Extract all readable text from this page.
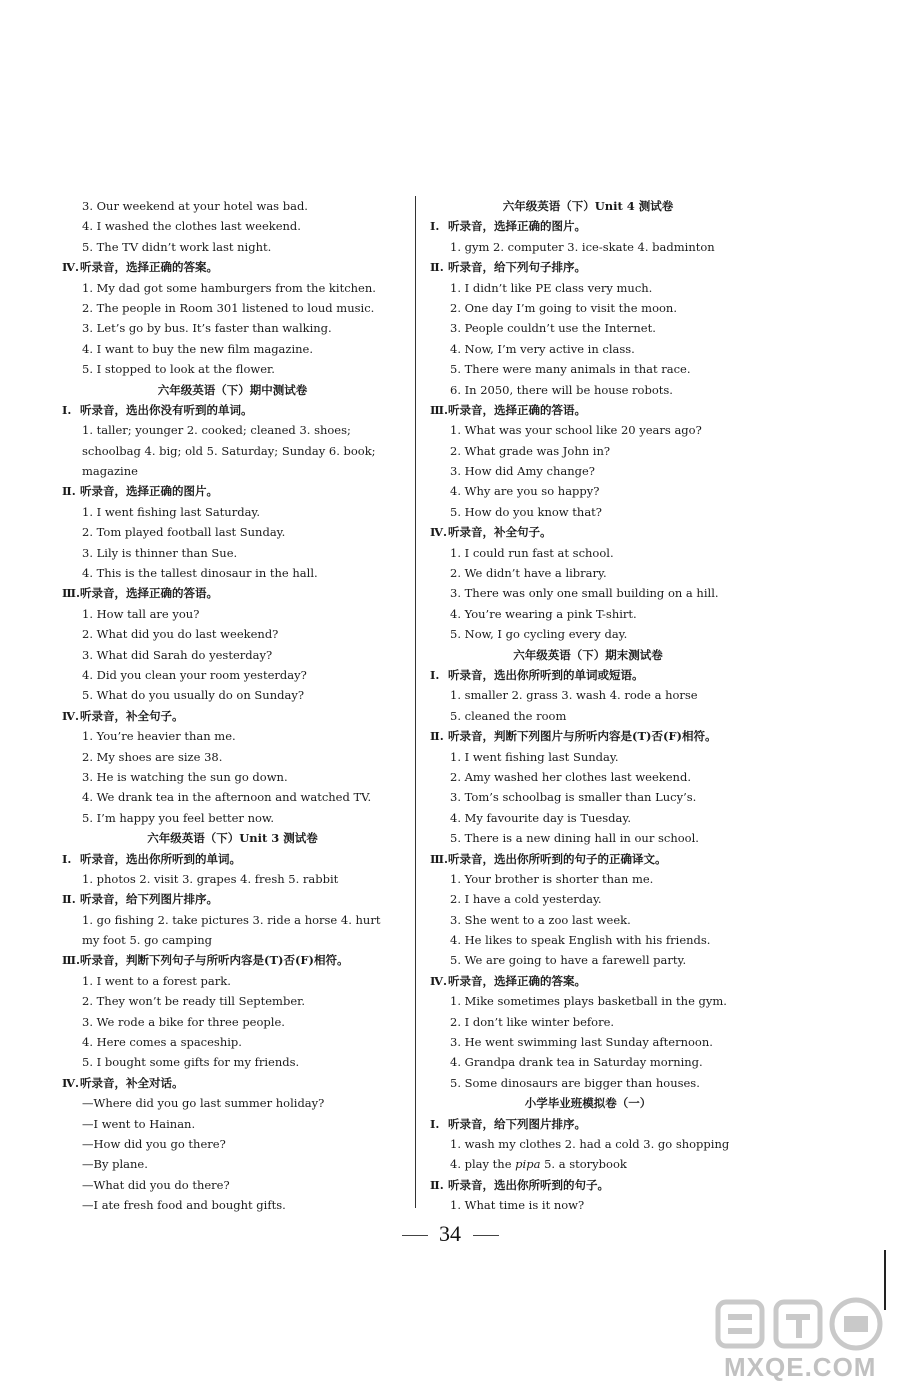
3. Our weekend at your hotel was bad.
4. I washed the clothes last weekend.
5. The TV didn’t work last night.
Ⅳ.听录音，选择正确的答案。
1. My dad got some hamburgers from the kitchen.
2. The people in Room 301 listened to loud music.
3. Let’s go by bus. It’s faster than walking.
4. I want to buy the new film magazine.
5. I stopped to look at the flower.
六年级英语（下）期中测试卷
Ⅰ. 听录音，选出你没有听到的单词。
1. taller; younger 2. cooked; cleaned 3. shoes;
schoolbag 4. big; old 5. Saturday; Sunday 6. book;
magazine
Ⅱ. 听录音，选择正确的图片。
1. I went fishing last Saturday.
2. Tom played football last Sunday.
3. Lily is thinner than Sue.
4. This is the tallest dinosaur in the hall.
Ⅲ.听录音，选择正确的答语。
1. How tall are you?
2. What did you do last weekend?
3. What did Sarah do yesterday?
4. Did you clean your room yesterday?
5. What do you usually do on Sunday?
Ⅳ.听录音，补全句子。
1. You’re heavier than me.
2. My shoes are size 38.
3. He is watching the sun go down.
4. We drank tea in the afternoon and watched TV.
5. I’m happy you feel better now.
六年级英语（下）Unit 3 测试卷
Ⅰ. 听录音，选出你所听到的单词。
1. photos 2. visit 3. grapes 4. fresh 5. rabbit
Ⅱ. 听录音，给下列图片排序。
1. go fishing 2. take pictures 3. ride a horse 4. hurt
my foot 5. go camping
Ⅲ.听录音，判断下列句子与所听内容是(T)否(F)相符。
1. I went to a forest park.
2. They won’t be ready till September.
3. We rode a bike for three people.
4. Here comes a spaceship.
5. I bought some gifts for my friends.
Ⅳ.听录音，补全对话。
—Where did you go last summer holiday?
—I went to Hainan.
—How did you go there?
—By plane.
—What did you do there?
—I ate fresh food and bought gifts.
六年级英语（下）Unit 4 测试卷
Ⅰ. 听录音，选择正确的图片。
1. gym 2. computer 3. ice-skate 4. badminton
Ⅱ. 听录音，给下列句子排序。
1. I didn’t like PE class very much.
2. One day I’m going to visit the moon.
3. People couldn’t use the Internet.
4. Now, I’m very active in class.
5. There were many animals in that race.
6. In 2050, there will be house robots.
Ⅲ.听录音，选择正确的答语。
1. What was your school like 20 years ago?
2. What grade was John in?
3. How did Amy change?
4. Why are you so happy?
5. How do you know that?
Ⅳ.听录音，补全句子。
1. I could run fast at school.
2. We didn’t have a library.
3. There was only one small building on a hill.
4. You’re wearing a pink T-shirt.
5. Now, I go cycling every day.
六年级英语（下）期末测试卷
Ⅰ. 听录音，选出你所听到的单词或短语。
1. smaller 2. grass 3. wash 4. rode a horse
5. cleaned the room
Ⅱ. 听录音，判断下列图片与所听内容是(T)否(F)相符。
1. I went fishing last Sunday.
2. Amy washed her clothes last weekend.
3. Tom’s schoolbag is smaller than Lucy’s.
4. My favourite day is Tuesday.
5. There is a new dining hall in our school.
Ⅲ.听录音，选出你所听到的句子的正确译文。
1. Your brother is shorter than me.
2. I have a cold yesterday.
3. She went to a zoo last week.
4. He likes to speak English with his friends.
5. We are going to have a farewell party.
Ⅳ.听录音，选择正确的答案。
1. Mike sometimes plays basketball in the gym.
2. I don’t like winter before.
3. He went swimming last Sunday afternoon.
4. Grandpa drank tea in Saturday morning.
5. Some dinosaurs are bigger than houses.
小学毕业班模拟卷（一）
Ⅰ. 听录音，给下列图片排序。
1. wash my clothes 2. had a cold 3. go shopping
4. play the pipa 5. a storybook
Ⅱ. 听录音，选出你所听到的句子。
1. What time is it now?
34
MXQE.COM
